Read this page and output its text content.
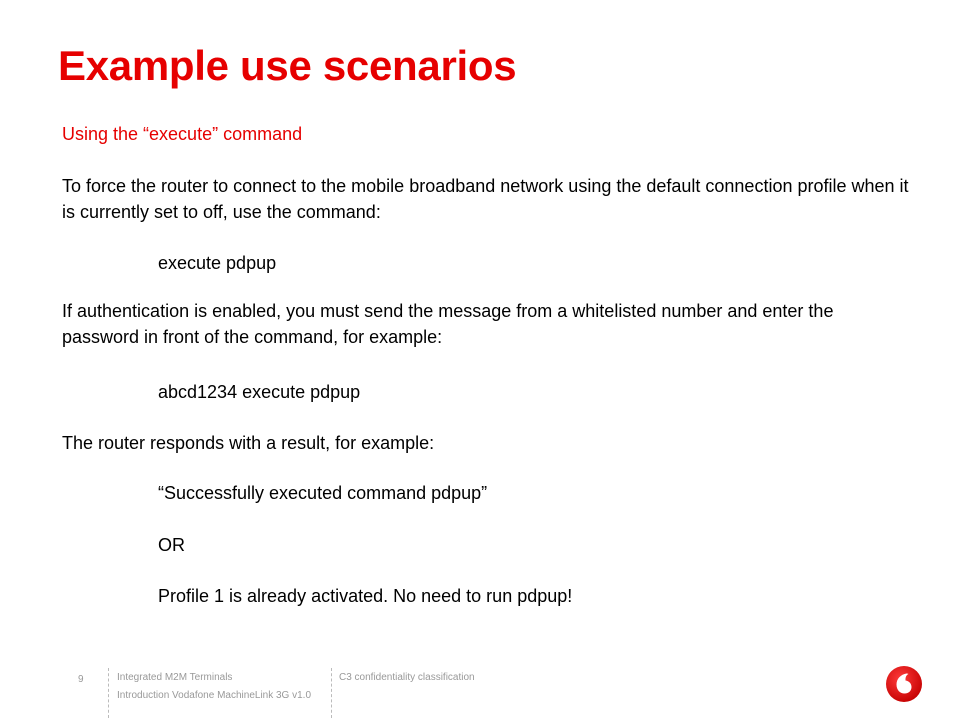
Example use scenarios
Using the “execute” command
To force the router to connect to the mobile broadband network using the default connection profile when it is currently set to off, use the command:
execute pdpup
If authentication is enabled, you must send the message from a whitelisted number and enter the password in front of the command, for example:
abcd1234 execute pdpup
The router responds with a result, for example:
“Successfully executed command pdpup”
OR
Profile 1 is already activated. No need to run pdpup!
9	Integrated M2M Terminals
Introduction Vodafone MachineLink 3G v1.0
C3 confidentiality classification
